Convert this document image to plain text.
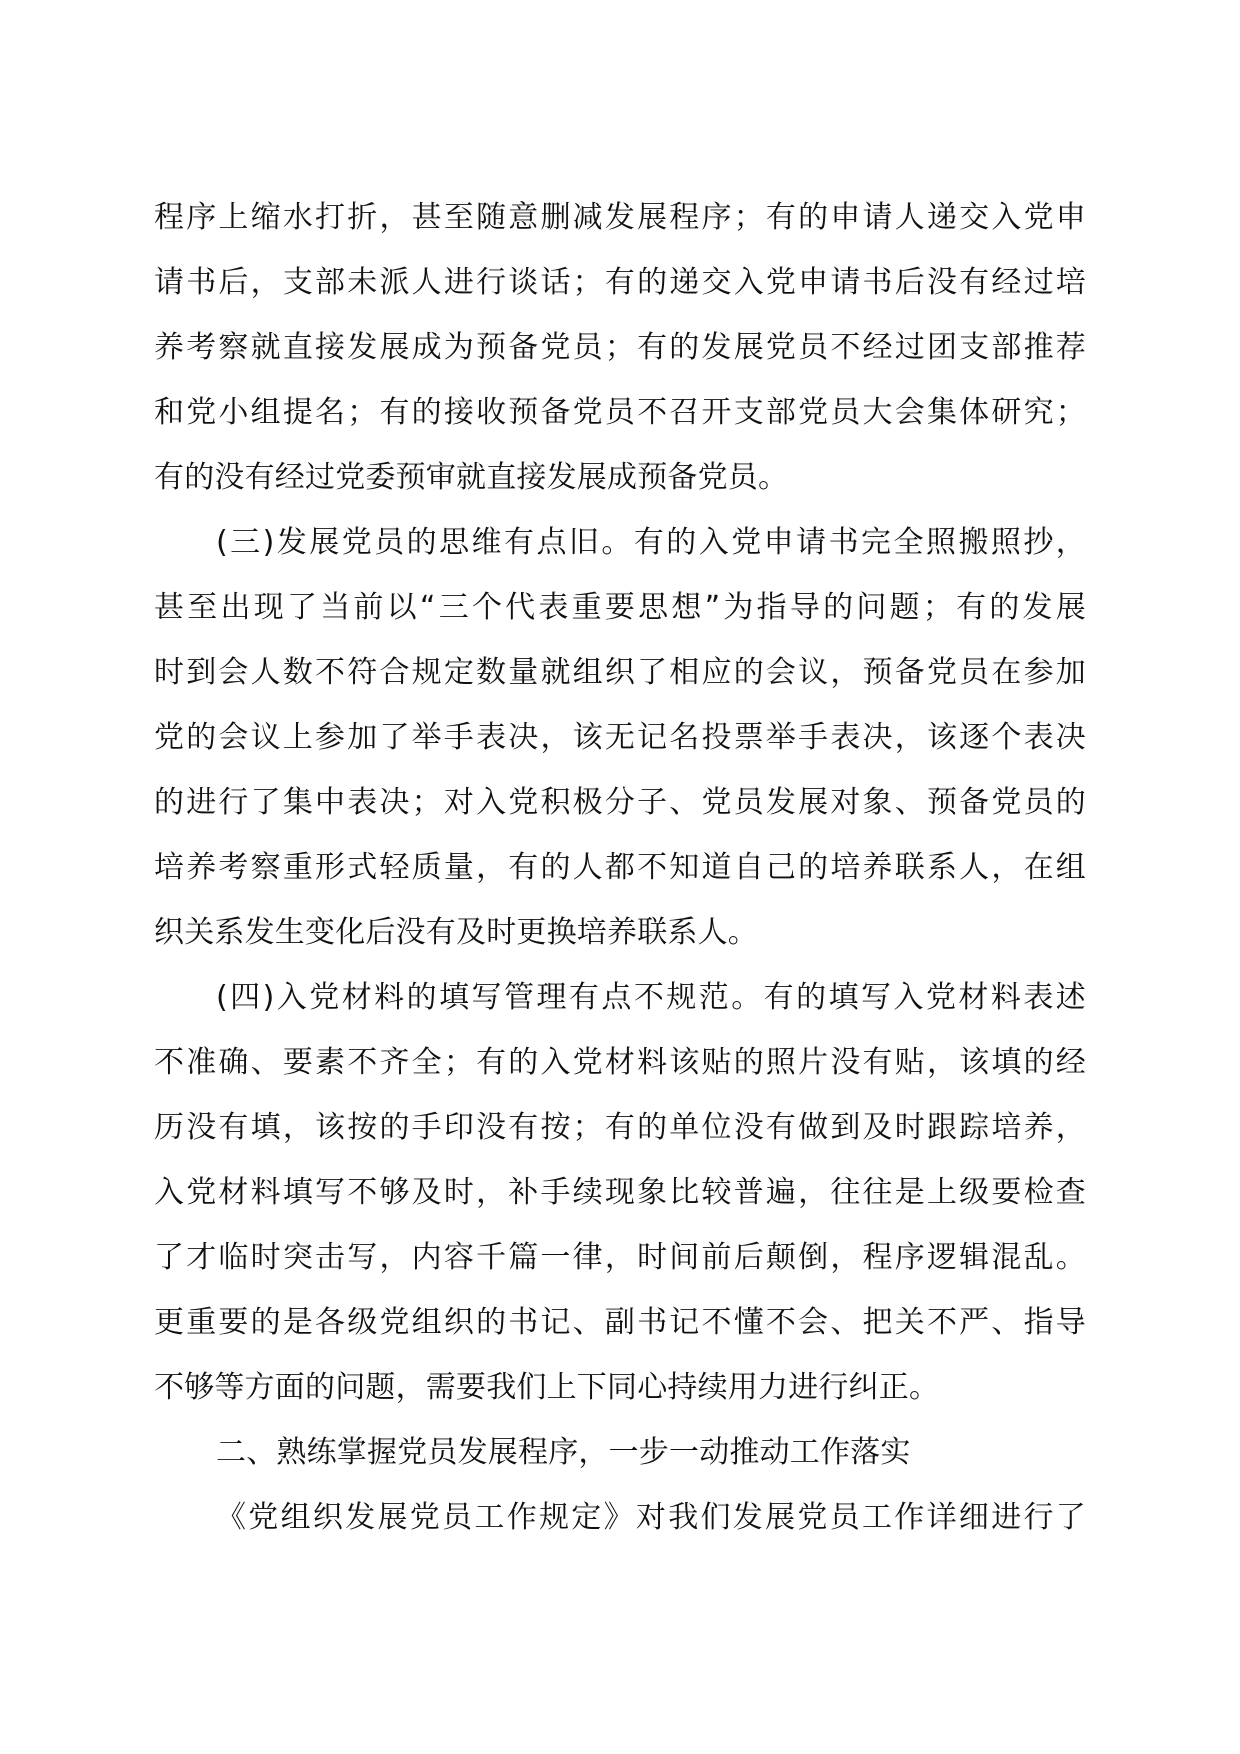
程序上缩水打折，甚至随意删减发展程序；有的申请人递交入党申
请书后，支部未派人进行谈话；有的递交入党申请书后没有经过培
养考察就直接发展成为预备党员；有的发展党员不经过团支部推荐
和党小组提名；有的接收预备党员不召开支部党员大会集体研究；
有的没有经过党委预审就直接发展成预备党员。

(三)发展党员的思维有点旧。有的入党申请书完全照搬照抄，
甚至出现了当前以“三个代表重要思想”为指导的问题；有的发展
时到会人数不符合规定数量就组织了相应的会议，预备党员在参加
党的会议上参加了举手表决，该无记名投票举手表决，该逐个表决
的进行了集中表决；对入党积极分子、党员发展对象、预备党员的
培养考察重形式轻质量，有的人都不知道自己的培养联系人，在组
织关系发生变化后没有及时更换培养联系人。

(四)入党材料的填写管理有点不规范。有的填写入党材料表述
不准确、要素不齐全；有的入党材料该贴的照片没有贴，该填的经
历没有填，该按的手印没有按；有的单位没有做到及时跟踪培养，
入党材料填写不够及时，补手续现象比较普遍，往往是上级要检查
了才临时突击写，内容千篇一律，时间前后颠倒，程序逻辑混乱。
更重要的是各级党组织的书记、副书记不懂不会、把关不严、指导
不够等方面的问题，需要我们上下同心持续用力进行纠正。

二、熟练掌握党员发展程序，一步一动推动工作落实

《党组织发展党员工作规定》对我们发展党员工作详细进行了
